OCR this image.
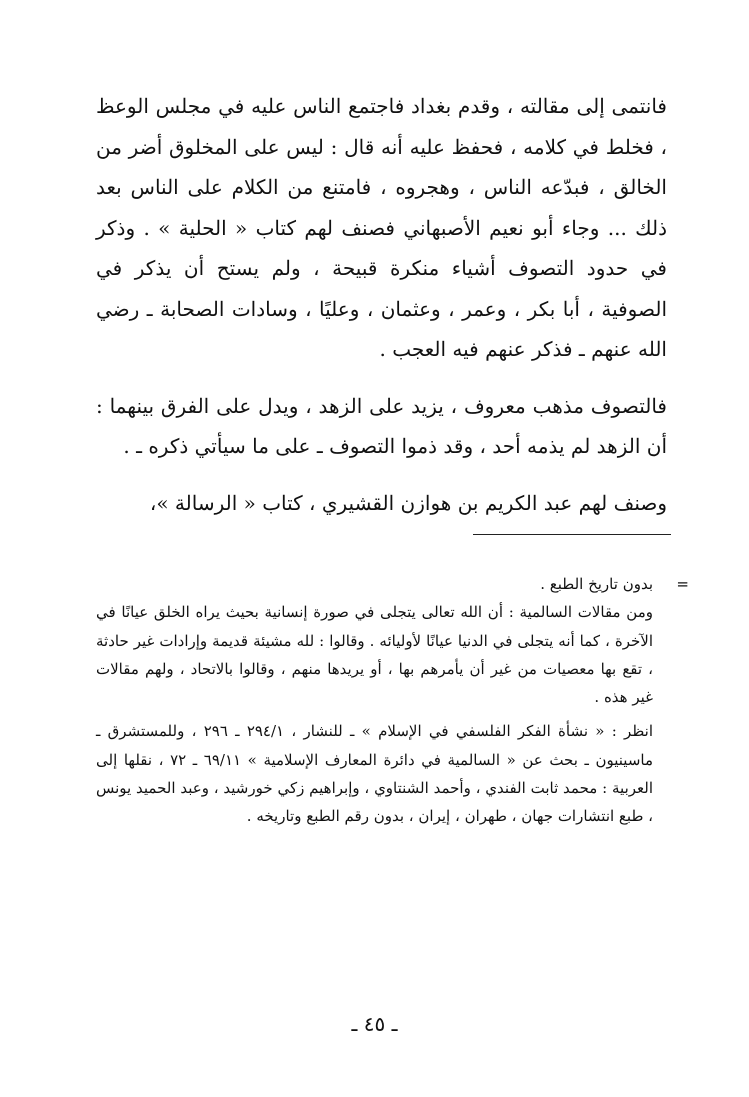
فانتمى إلى مقالته ، وقدم بغداد فاجتمع الناس عليه في مجلس الوعظ ، فخلط في كلامه ، فحفظ عليه أنه قال : ليس على المخلوق أضر من الخالق ، فبدّعه الناس ، وهجروه ، فامتنع من الكلام على الناس بعد ذلك ... وجاء أبو نعيم الأصبهاني فصنف لهم كتاب « الحلية » . وذكر في حدود التصوف أشياء منكرة قبيحة ، ولم يستح أن يذكر في الصوفية ، أبا بكر ، وعمر ، وعثمان ، وعليًا ، وسادات الصحابة ـ رضي الله عنهم ـ فذكر عنهم فيه العجب .

فالتصوف مذهب معروف ، يزيد على الزهد ، ويدل على الفرق بينهما : أن الزهد لم يذمه أحد ، وقد ذموا التصوف ـ على ما سيأتي ذكره ـ .

وصنف لهم عبد الكريم بن هوازن القشيري ، كتاب « الرسالة »،

=
بدون تاريخ الطبع .
ومن مقالات السالمية : أن الله تعالى يتجلى في صورة إنسانية بحيث يراه الخلق عيانًا في الآخرة ، كما أنه يتجلى في الدنيا عيانًا لأوليائه . وقالوا : لله مشيئة قديمة وإرادات غير حادثة ، تقع بها معصيات من غير أن يأمرهم بها ، أو يريدها منهم ، وقالوا بالاتحاد ، ولهم مقالات غير هذه .
انظر : « نشأة الفكر الفلسفي في الإسلام » ـ للنشار ، ٢٩٤/١ ـ ٢٩٦ ، وللمستشرق ـ ماسينيون ـ بحث عن « السالمية في دائرة المعارف الإسلامية » ٦٩/١١ ـ ٧٢ ، نقلها إلى العربية : محمد ثابت الفندي ، وأحمد الشنتاوي ، وإبراهيم زكي خورشيد ، وعبد الحميد يونس ، طبع انتشارات جهان ، طهران ، إيران ، بدون رقم الطبع وتاريخه .
ـ ٤٥ ـ
